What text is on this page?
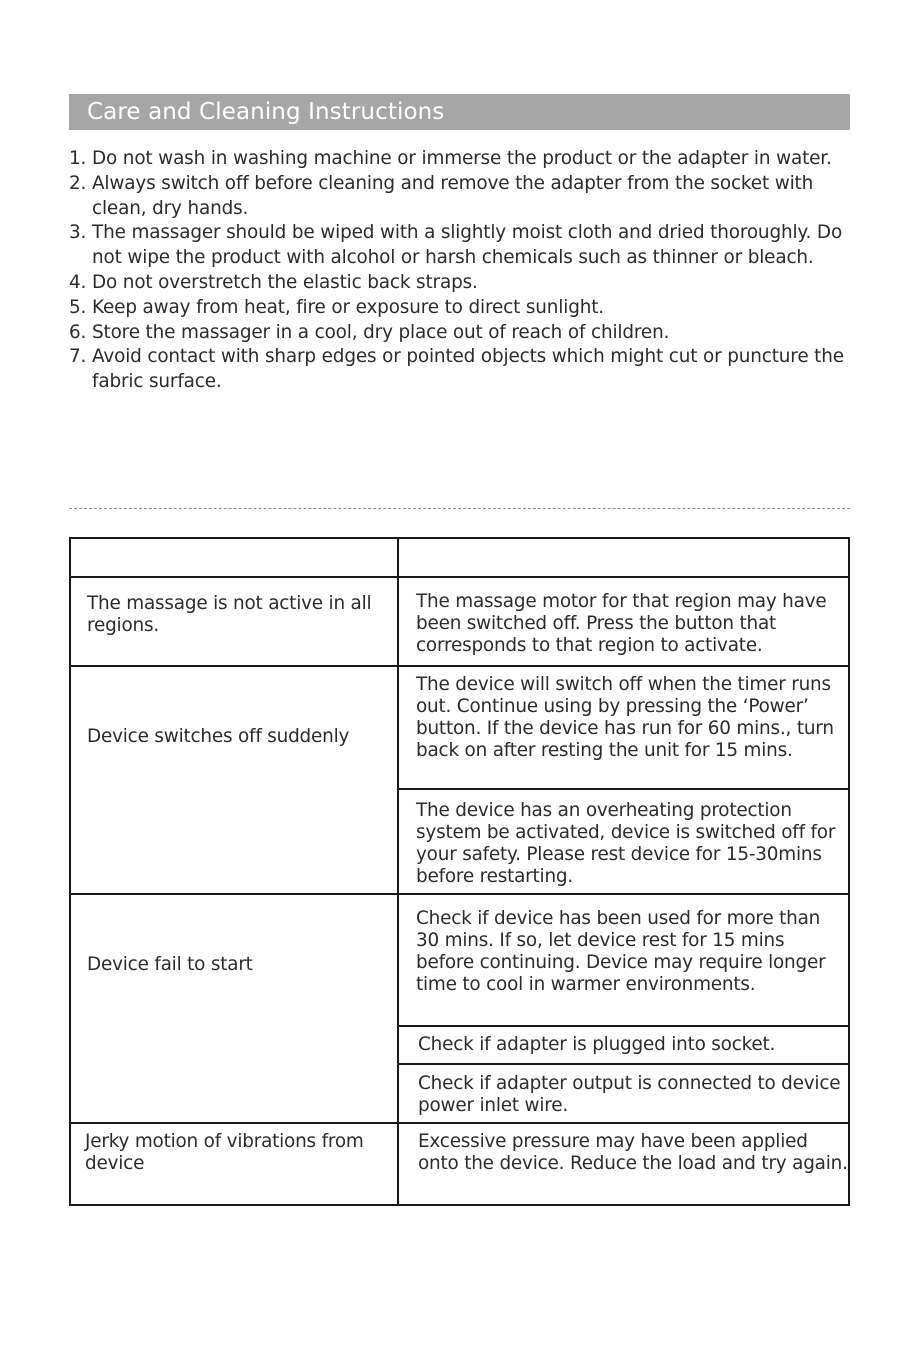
Care and Cleaning Instructions
1. Do not wash in washing machine or immerse the product or the adapter in water.
2. Always switch off before cleaning and remove the adapter from the socket with clean, dry hands.
3. The massager should be wiped with a slightly moist cloth and dried thoroughly. Do not wipe the product with alcohol or harsh chemicals such as thinner or bleach.
4. Do not overstretch the elastic back straps.
5. Keep away from heat, fire or exposure to direct sunlight.
6. Store the massager in a cool, dry place out of reach of children.
7. Avoid contact with sharp edges or pointed objects which might cut or puncture the fabric surface.
The massage is not active in all regions.
The massage motor for that region may have been switched off. Press the button that corresponds to that region to activate.
Device switches off suddenly
The device will switch off when the timer runs out. Continue using by pressing the ‘Power’ button. If the device has run for 60 mins., turn back on after resting the unit for 15 mins.
The device has an overheating protection system be activated, device is switched off for your safety. Please rest device for 15-30mins before restarting.
Device fail to start
Check if device has been used for more than 30 mins. If so, let device rest for 15 mins before continuing. Device may require longer time to cool in warmer environments.
Check if adapter is plugged into socket.
Check if adapter output is connected to device power inlet wire.
Jerky motion of vibrations from device
Excessive pressure may have been applied onto the device. Reduce the load and try again.
